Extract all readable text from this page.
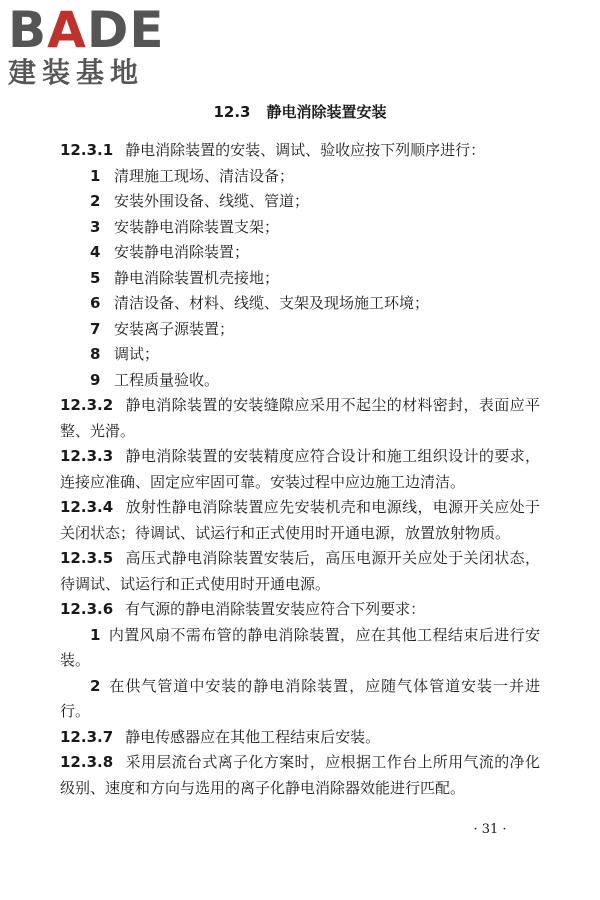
BADE
建装基地
12.3 静电消除装置安装

12.3.1 静电消除装置的安装、调试、验收应按下列顺序进行：

1 清理施工现场、清洁设备；

2 安装外围设备、线缆、管道；

3 安装静电消除装置支架；

4 安装静电消除装置；

5 静电消除装置机壳接地；

6 清洁设备、材料、线缆、支架及现场施工环境；

7 安装离子源装置；

8 调试；

9 工程质量验收。

12.3.2 静电消除装置的安装缝隙应采用不起尘的材料密封，表面应平整、光滑。

12.3.3 静电消除装置的安装精度应符合设计和施工组织设计的要求，连接应准确、固定应牢固可靠。安装过程中应边施工边清洁。

12.3.4 放射性静电消除装置应先安装机壳和电源线，电源开关应处于关闭状态；待调试、试运行和正式使用时开通电源，放置放射物质。

12.3.5 高压式静电消除装置安装后，高压电源开关应处于关闭状态，待调试、试运行和正式使用时开通电源。

12.3.6 有气源的静电消除装置安装应符合下列要求：

1 内置风扇不需布管的静电消除装置，应在其他工程结束后进行安装。

2 在供气管道中安装的静电消除装置，应随气体管道安装一并进行。

12.3.7 静电传感器应在其他工程结束后安装。

12.3.8 采用层流台式离子化方案时，应根据工作台上所用气流的净化级别、速度和方向与选用的离子化静电消除器效能进行匹配。

· 31 ·
